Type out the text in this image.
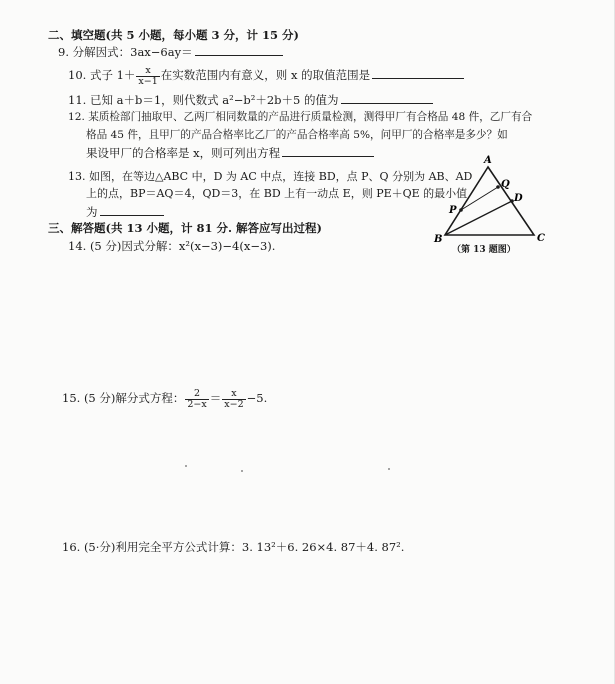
二、填空题(共 5 小题，每小题 3 分，计 15 分)
9. 分解因式：3ax−6ay＝
10. 式子 $1+ \frac{x}{x-1}$ 在实数范围内有意义，则 x 的取值范围是
11. 已知 a＋b＝1，则代数式 a²−b²＋2b＋5 的值为
12. 某质检部门抽取甲、乙两厂相同数量的产品进行质量检测，测得甲厂有合格品 48 件，乙厂有合
格品 45 件，且甲厂的产品合格率比乙厂的产品合格率高 5%，问甲厂的合格率是多少？如
果设甲厂的合格率是 x，则可列出方程
13. 如图，在等边△ABC 中，D 为 AC 中点，连接 BD，点 P、Q 分别为 AB、AD
上的点，BP＝AQ＝4，QD＝3，在 BD 上有一动点 E，则 PE＋QE 的最小值
为
A
B	C
D
P
Q
（第 13 题图）
三、解答题(共 13 小题，计 81 分. 解答应写出过程)
14. (5 分)因式分解：x²(x−3)−4(x−3).
15. (5 分)解分式方程： $\frac{2}{2-x} = \frac{x}{x-2} -5$.
16. (5·分)利用完全平方公式计算：3. 13²＋6. 26×4. 87＋4. 87².
